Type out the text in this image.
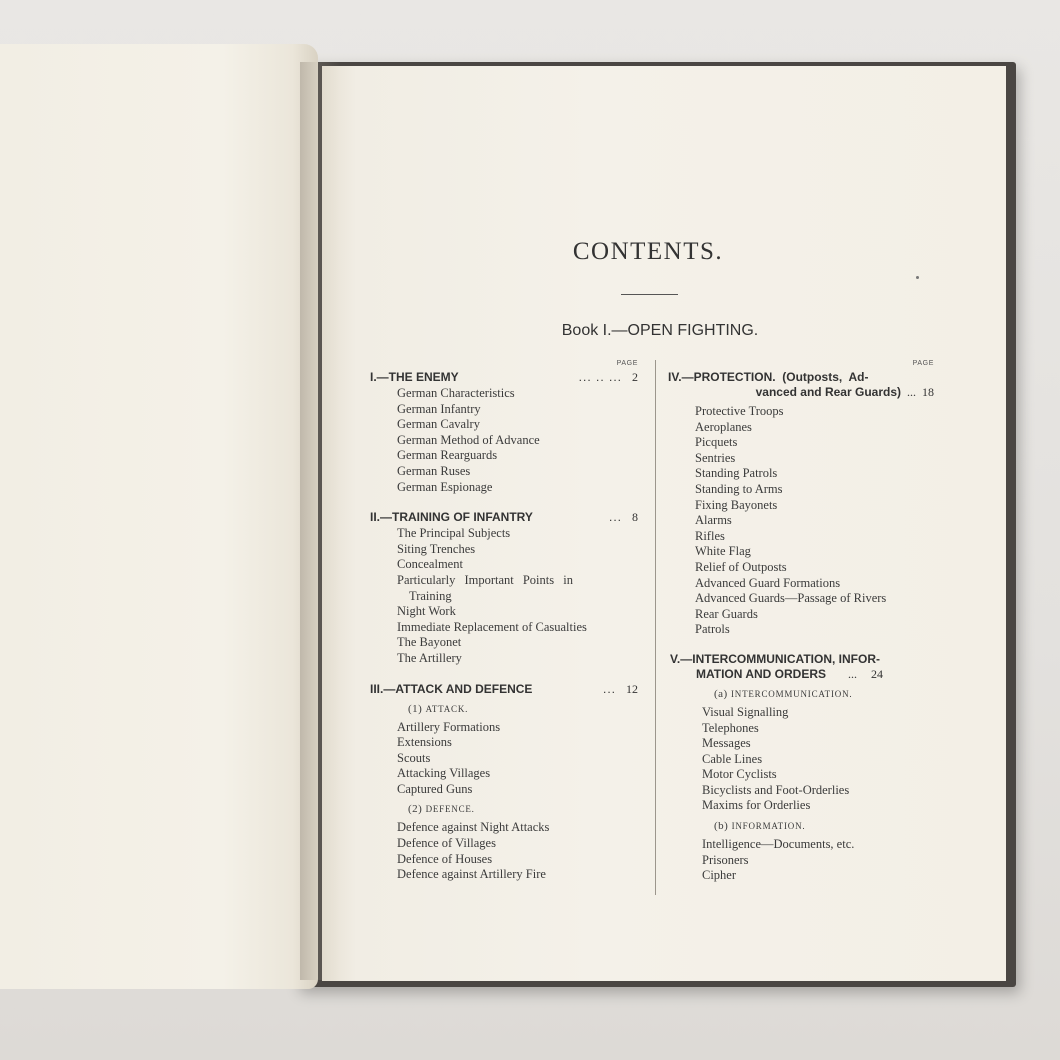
CONTENTS.
Book I.—OPEN FIGHTING.
PAGE
I.—THE ENEMY	... .. ... 2
German Characteristics
German Infantry
German Cavalry
German Method of Advance
German Rearguards
German Ruses
German Espionage
II.—TRAINING OF INFANTRY	... 8
The Principal Subjects
Siting Trenches
Concealment
Particularly Important Points in
Training
Night Work
Immediate Replacement of Casualties
The Bayonet
The Artillery
III.—ATTACK AND DEFENCE	... 12
(1) ATTACK.
Artillery Formations
Extensions
Scouts
Attacking Villages
Captured Guns
(2) DEFENCE.
Defence against Night Attacks
Defence of Villages
Defence of Houses
Defence against Artillery Fire
PAGE
IV.—PROTECTION.  (Outposts,  Ad-
vanced and Rear Guards) ... 18
Protective Troops
Aeroplanes
Picquets
Sentries
Standing Patrols
Standing to Arms
Fixing Bayonets
Alarms
Rifles
White Flag
Relief of Outposts
Advanced Guard Formations
Advanced Guards—Passage of Rivers
Rear Guards
Patrols
V.—INTERCOMMUNICATION, INFOR-
MATION AND ORDERS ... 24
(a) INTERCOMMUNICATION.
Visual Signalling
Telephones
Messages
Cable Lines
Motor Cyclists
Bicyclists and Foot-Orderlies
Maxims for Orderlies
(b) INFORMATION.
Intelligence—Documents, etc.
Prisoners
Cipher
